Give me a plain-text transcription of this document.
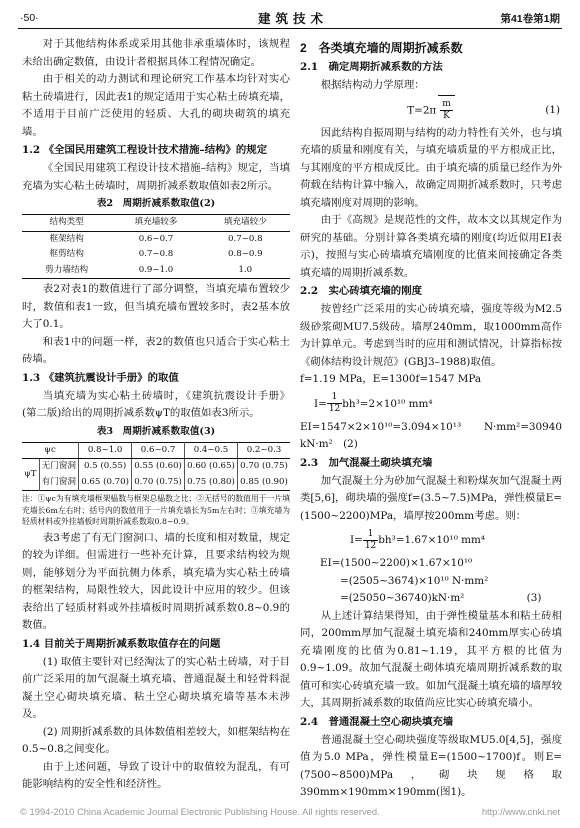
·50·	建筑技术	第41卷第1期

对于其他结构体系或采用其他非承重墙体时，该规程未给出确定数值，由设计者根据具体工程情况确定。

由于相关的动力测试和理论研究工作基本均针对实心粘土砖墙进行，因此表1的规定适用于实心粘土砖填充墙，不适用于目前广泛使用的轻质、大孔的砌块砌筑的填充墙。

1.2 《全国民用建筑工程设计技术措施–结构》的规定

《全国民用建筑工程设计技术措施–结构》规定，当填充墙为实心粘土砖墙时，周期折减系数取值如表2所示。

表2　周期折减系数取值(2)
结构类型	填充墙较多	填充墙较少
框架结构	0.6~0.7	0.7~0.8
框剪结构	0.7~0.8	0.8~0.9
剪力墙结构	0.9~1.0	1.0

表2对表1的数值进行了部分调整，当填充墙布置较少时，数值和表1一致，但当填充墙布置较多时，表2基本放大了0.1。

和表1中的问题一样，表2的数值也只适合于实心粘土砖墙。

1.3 《建筑抗震设计手册》的取值

当填充墙为实心粘土砖墙时，《建筑抗震设计手册》(第二版)给出的周期折减系数ψT的取值如表3所示。

表3　周期折减系数取值(3)
ψc		0.8~1.0	0.6~0.7	0.4~0.5	0.2~0.3
ψT	无门窗洞	0.5 (0.55)	0.55 (0.60)	0.60 (0.65)	0.70 (0.75)
	有门窗洞	0.65 (0.70)	0.70 (0.75)	0.75 (0.80)	0.85 (0.90)

注：①ψc为有填充墙框架榀数与框架总榀数之比；②无括号的数值用于一片填充墙长6m左右时；括号内的数值用于一片填充墙长为5m左右时；③填充墙为轻质材料或外挂墙板时周期折减系数取0.8~0.9。

表3考虑了有无门窗洞口、墙的长度和相对数量，规定的较为详细。但需进行一些补充计算，且要求结构较为规则，能够划分为平面抗侧力体系，填充墙为实心粘土砖墙的框架结构，局限性较大，因此设计中应用的较少。但该表给出了轻质材料或外挂墙板时周期折减系数0.8~0.9的数值。

1.4 目前关于周期折减系数取值存在的问题

(1) 取值主要针对已经淘汰了的实心粘土砖墙，对于目前广泛采用的加气混凝土填充墙、普通混凝土和轻骨料混凝土空心砌块填充墙、粘土空心砌块填充墙等基本未涉及。

(2) 周期折减系数的具体数值相差较大，如框架结构在0.5~0.8之间变化。

由于上述问题，导致了设计中的取值较为混乱，有可能影响结构的安全性和经济性。

2　各类填充墙的周期折减系数

2.1　确定周期折减系数的方法

根据结构动力学原理：

$T=2\pi \frac{m}{K}$	(1)

因此结构自振周期与结构的动力特性有关外，也与填充墙的质量和刚度有关，与填充墙质量的平方根成正比，与其刚度的平方根成反比。由于填充墙的质量已经作为外荷载在结构计算中输入，故确定周期折减系数时，只考虑填充墙刚度对周期的影响。

由于《高规》是规范性的文件，故本文以其规定作为研究的基础。分别计算各类填充墙的刚度(均近似用EI表示)，按照与实心砖墙填充墙刚度的比值来间接确定各类填充墙的周期折减系数。

2.2　实心砖填充墙的刚度

按曾经广泛采用的实心砖填充墙，强度等级为M2.5级砂浆砌MU7.5级砖。墙厚240mm，取1000mm高作为计算单元。考虑到当时的应用和测试情况，计算指标按《砌体结构设计规范》(GBJ3–1988)取值。

f=1.19 MPa，E=1300f=1547 MPa

$I= \frac{1}{12} bh^3=2\times 10^{10}$ mm⁴

EI=1547×2×10¹⁰=3.094×10¹³ N·mm²=30940 kN·m²　(2)

2.3　加气混凝土砌块填充墙

加气混凝土分为砂加气混凝土和粉煤灰加气混凝土两类[5,6]，砌块墙的强度f=(3.5~7.5)MPa，弹性模量E=(1500~2200)MPa，墙厚按200mm考虑。则：

$I= \frac{1}{12} bh^3=1.67\times 10^{10}$ mm⁴

EI=(1500~2200)×1.67×10¹⁰

=(2505~3674)×10¹⁰ N·mm²

=(25050~36740)kN·m²　　　　　　(3)

从上述计算结果得知，由于弹性模量基本和粘土砖相同，200mm厚加气混凝土填充墙和240mm厚实心砖填充墙刚度的比值为0.81~1.19，其平方根的比值为0.9~1.09。故加气混凝土砌体填充墙周期折减系数的取值可和实心砖填充墙一致。如加气混凝土填充墙的墙厚较大，其周期折减系数的取值尚应比实心砖填充墙小。

2.4　普通混凝土空心砌块填充墙

普通混凝土空心砌块强度等级取MU5.0[4,5]，强度值为5.0 MPa，弹性模量E=(1500~1700)f。则E=(7500~8500)MPa，砌块规格取390mm×190mm×190mm(图1)。

© 1994-2010 China Academic Journal Electronic Publishing House. All rights reserved.	http://www.cnki.net
